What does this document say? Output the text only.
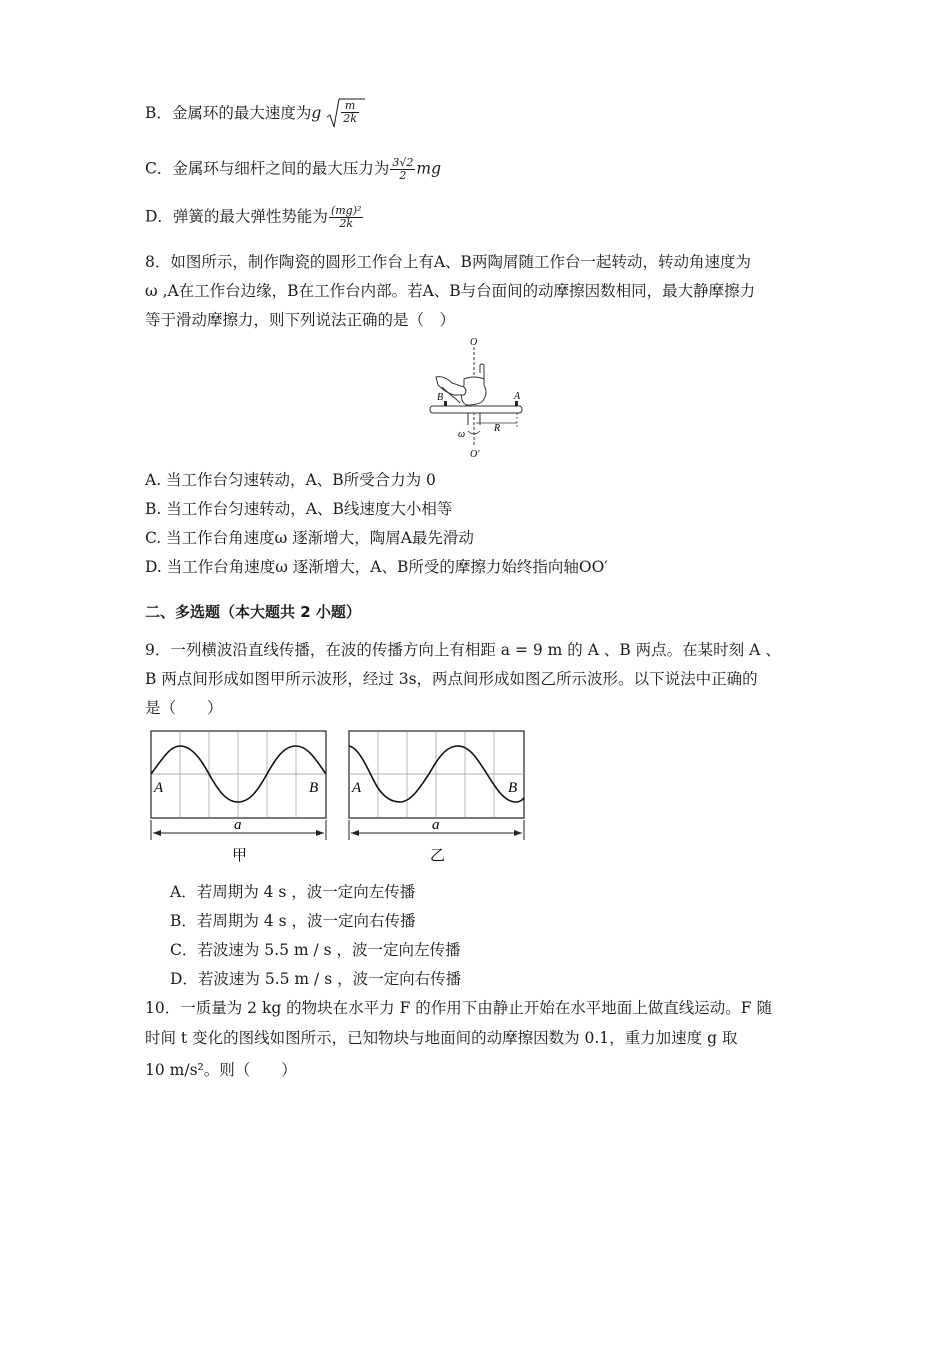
B．金属环的最大速度为g $\frac{m}{2k}$
C．金属环与细杆之间的最大压力为 $\frac{3√2}{2}$ mg
D．弹簧的最大弹性势能为 $\frac{\text{(mg)²}}{2k}$
8．如图所示，制作陶瓷的圆形工作台上有A、B两陶屑随工作台一起转动，转动角速度为
ω ,A在工作台边缘，B在工作台内部。若A、B与台面间的动摩擦因数相同，最大静摩擦力
等于滑动摩擦力，则下列说法正确的是（　）
O
O′
B	A
R
ω
A. 当工作台匀速转动，A、B所受合力为 0
B. 当工作台匀速转动，A、B线速度大小相等
C. 当工作台角速度ω 逐渐增大，陶屑A最先滑动
D. 当工作台角速度ω 逐渐增大，A、B所受的摩擦力始终指向轴OO′
二、多选题（本大题共 2 小题）
9．一列横波沿直线传播，在波的传播方向上有相距 a = 9 m 的 A 、B 两点。在某时刻 A 、
B 两点间形成如图甲所示波形，经过 3s，两点间形成如图乙所示波形。以下说法中正确的
是（　　）
A	B
a
甲
A	B
a
乙
A．若周期为 4 s ，波一定向左传播
B．若周期为 4 s ，波一定向右传播
C．若波速为 5.5 m / s ，波一定向左传播
D．若波速为 5.5 m / s ，波一定向右传播
10．一质量为 2 kg 的物块在水平力 F 的作用下由静止开始在水平地面上做直线运动。F 随
时间 t 变化的图线如图所示，已知物块与地面间的动摩擦因数为 0.1，重力加速度 g 取
10 m/s²。则（　　）
